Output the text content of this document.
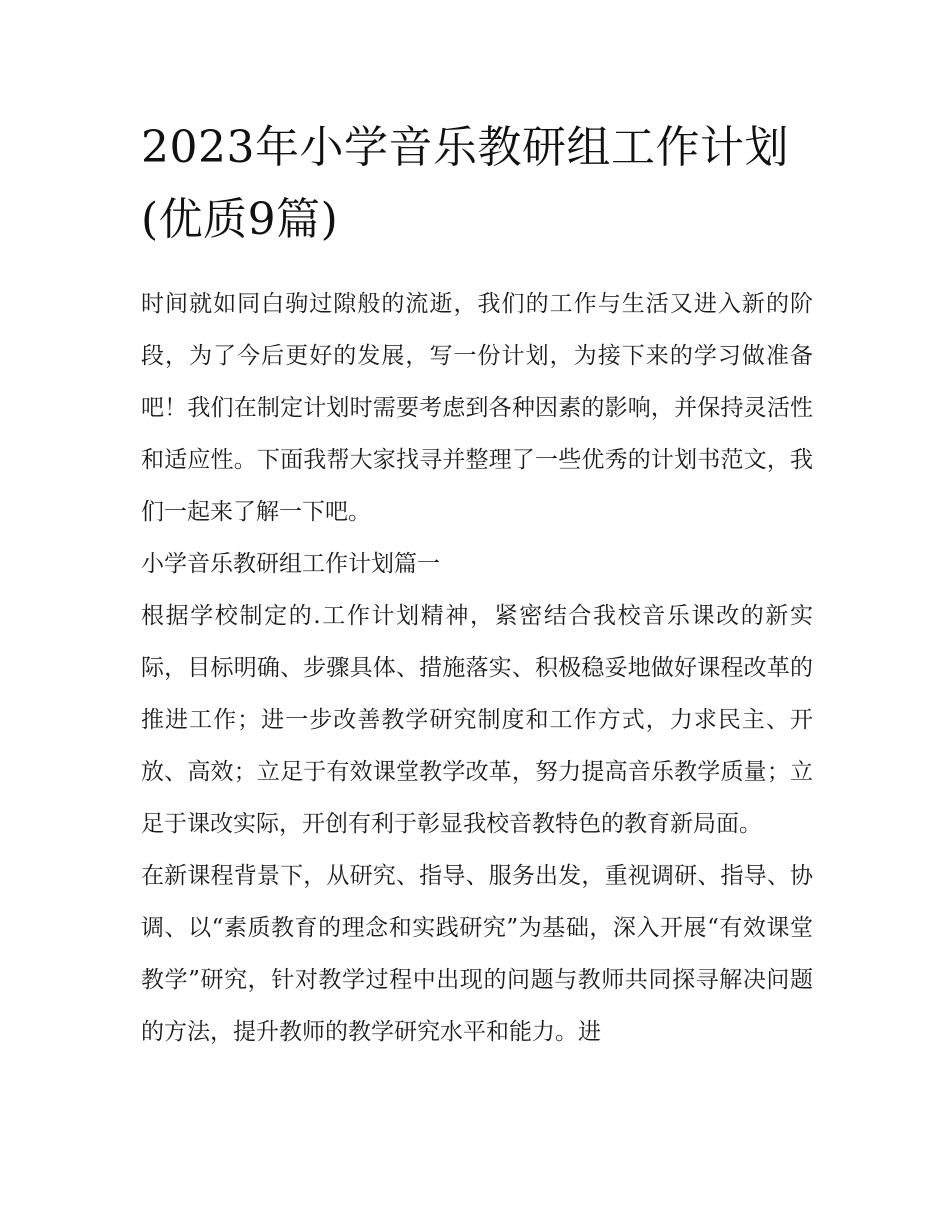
2023年小学音乐教研组工作计划(优质9篇)

时间就如同白驹过隙般的流逝，我们的工作与生活又进入新的阶段，为了今后更好的发展，写一份计划，为接下来的学习做准备吧！我们在制定计划时需要考虑到各种因素的影响，并保持灵活性和适应性。下面我帮大家找寻并整理了一些优秀的计划书范文，我们一起来了解一下吧。

小学音乐教研组工作计划篇一

根据学校制定的.工作计划精神，紧密结合我校音乐课改的新实际，目标明确、步骤具体、措施落实、积极稳妥地做好课程改革的推进工作；进一步改善教学研究制度和工作方式，力求民主、开放、高效；立足于有效课堂教学改革，努力提高音乐教学质量；立足于课改实际，开创有利于彰显我校音教特色的教育新局面。

在新课程背景下，从研究、指导、服务出发，重视调研、指导、协调、以“素质教育的理念和实践研究”为基础，深入开展“有效课堂教学”研究，针对教学过程中出现的问题与教师共同探寻解决问题的方法，提升教师的教学研究水平和能力。进
